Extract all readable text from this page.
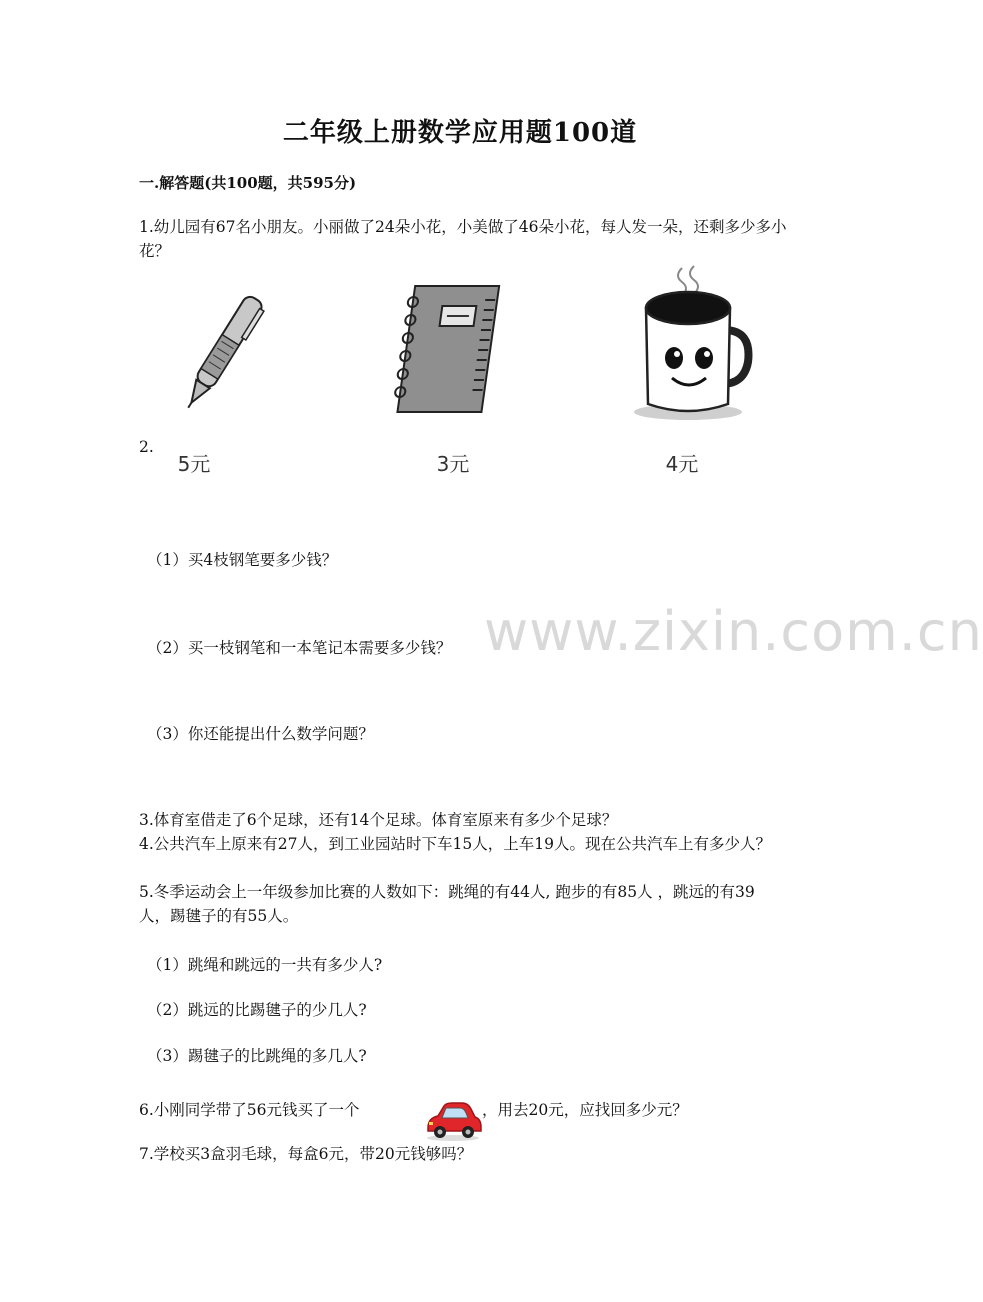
二年级上册数学应用题100道
一.解答题(共100题，共595分)
1.幼儿园有67名小朋友。小丽做了24朵小花，小美做了46朵小花，每人发一朵，还剩多少多小花？
2.
5元	3元	4元
（1）买4枝钢笔要多少钱？
（2）买一枝钢笔和一本笔记本需要多少钱？
（3）你还能提出什么数学问题？
www.zixin.com.cn
3.体育室借走了6个足球，还有14个足球。体育室原来有多少个足球？
4.公共汽车上原来有27人，到工业园站时下车15人，上车19人。现在公共汽车上有多少人？
5.冬季运动会上一年级参加比赛的人数如下：跳绳的有44人, 跑步的有85人 ，跳远的有39人，踢毽子的有55人。
（1）跳绳和跳远的一共有多少人?
（2）跳远的比踢毽子的少几人?
（3）踢毽子的比跳绳的多几人?
6.小刚同学带了56元钱买了一个	，用去20元，应找回多少元？
7.学校买3盒羽毛球，每盒6元，带20元钱够吗？
